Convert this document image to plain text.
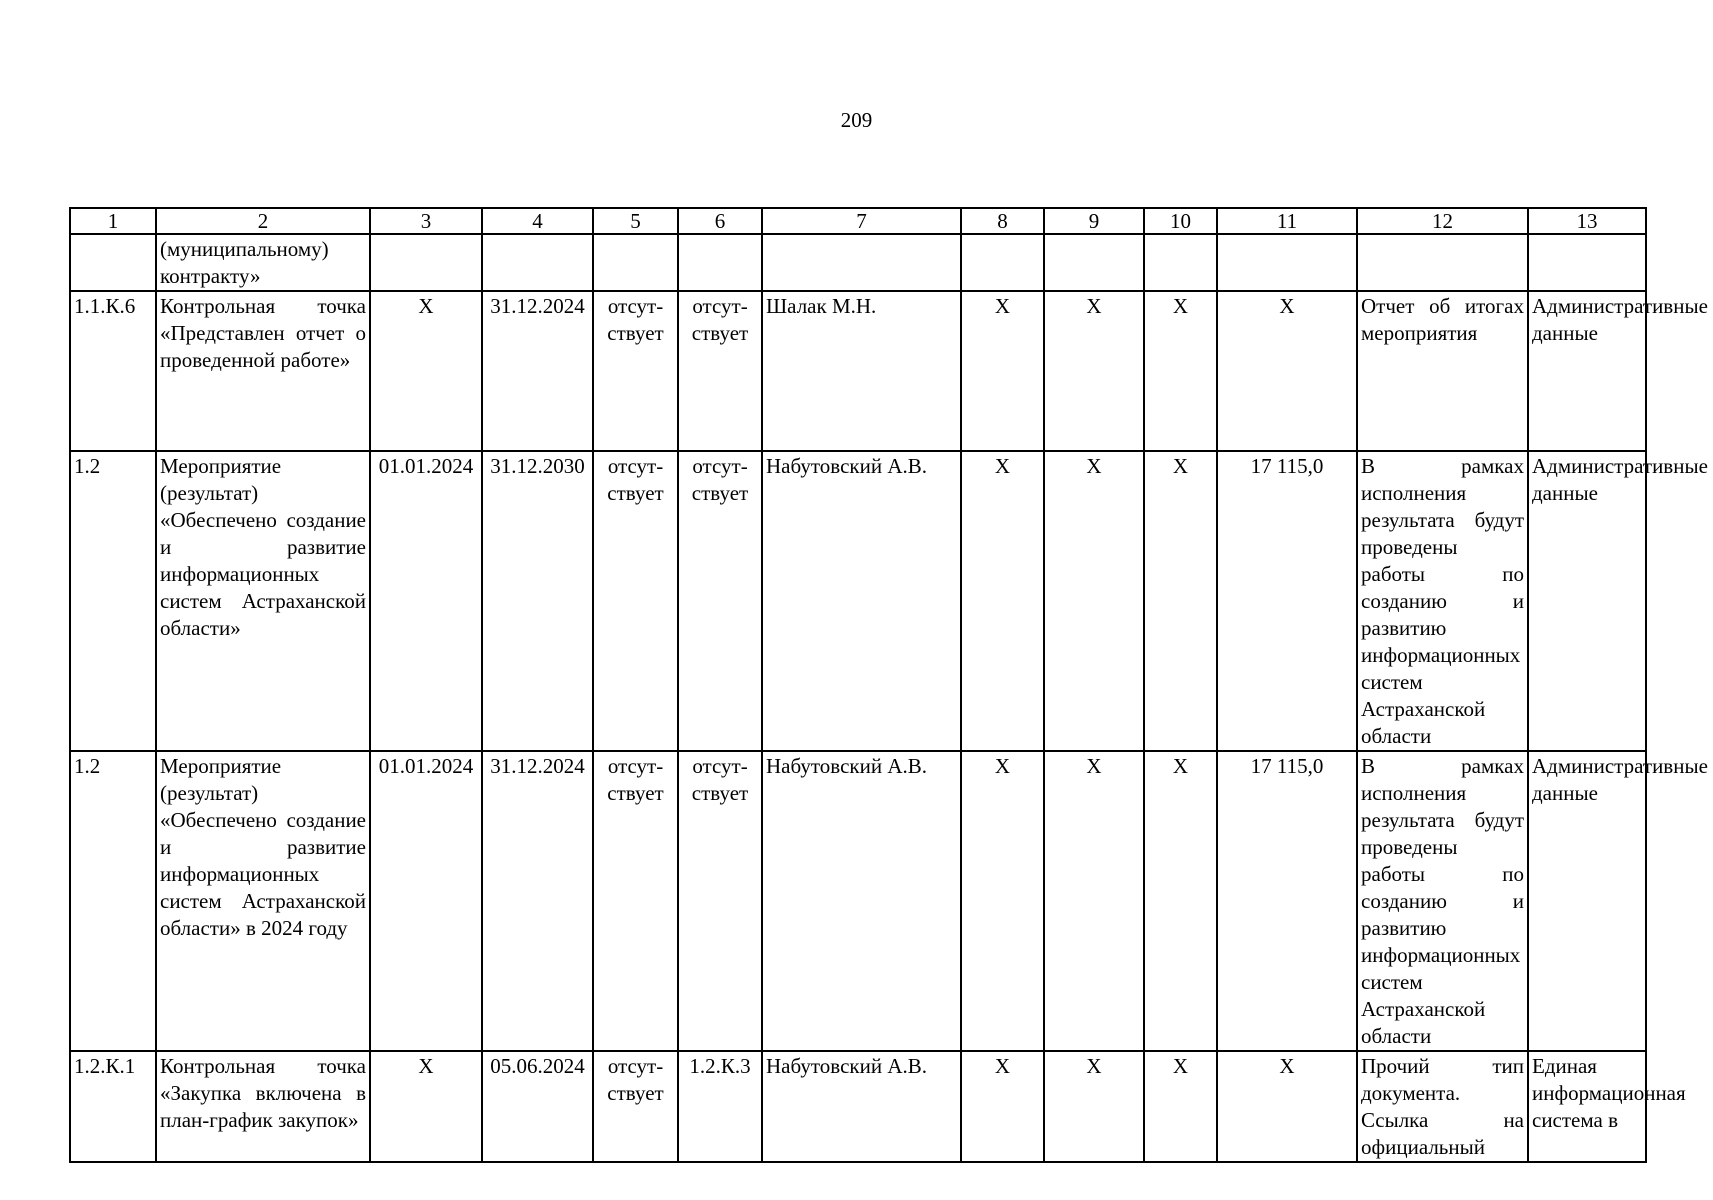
209
1	2	3	4	5	6	7	8	9	10	11	12	13
	(муниципальному) контракту»											
1.1.К.6	Контрольная точка «Представлен отчет о проведенной работе»	X	31.12.2024	отсут-ствует	отсут-ствует	Шалак М.Н.	X	X	X	X	Отчет об итогах мероприятия	Административные данные
1.2	Мероприятие (результат) «Обеспечено создание и развитие информационных систем Астраханской области»	01.01.2024	31.12.2030	отсут-ствует	отсут-ствует	Набутовский А.В.	X	X	X	17 115,0	В рамках исполнения результата будут проведены работы по созданию и развитию информационных систем Астраханской области	Административные данные
1.2	Мероприятие (результат) «Обеспечено создание и развитие информационных систем Астраханской области» в 2024 году	01.01.2024	31.12.2024	отсут-ствует	отсут-ствует	Набутовский А.В.	X	X	X	17 115,0	В рамках исполнения результата будут проведены работы по созданию и развитию информационных систем Астраханской области	Административные данные
1.2.К.1	Контрольная точка «Закупка включена в план-график закупок»	X	05.06.2024	отсут-ствует	1.2.К.3	Набутовский А.В.	X	X	X	X	Прочий тип документа. Ссылка на официальный	Единая информационная система в
